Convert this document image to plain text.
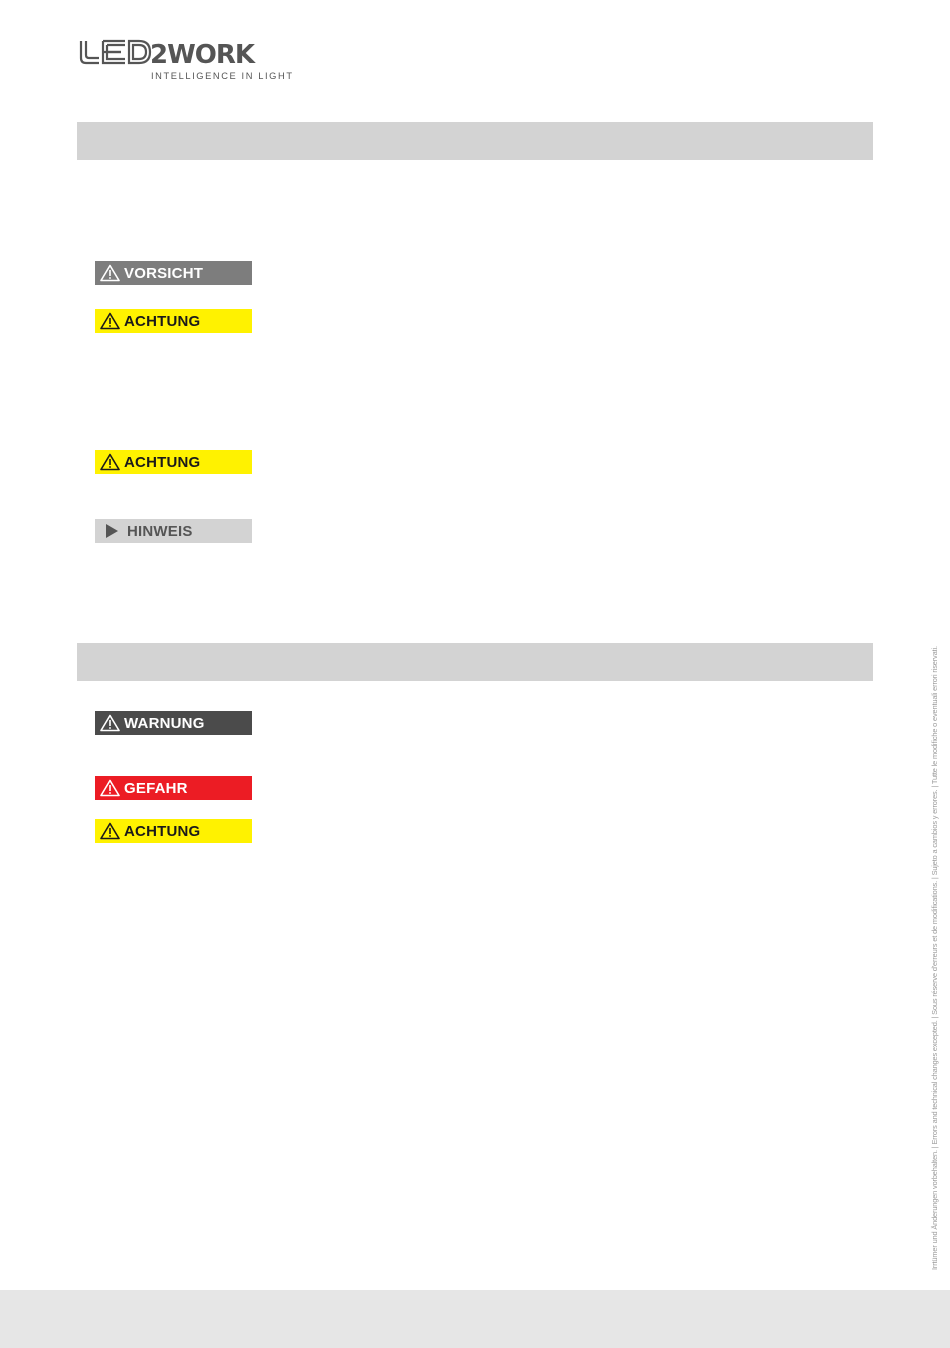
2WORK
INTELLIGENCE IN LIGHT
VORSICHT
ACHTUNG
ACHTUNG
HINWEIS
WARNUNG
GEFAHR
ACHTUNG	Irrtümer und Änderungen vorbehalten. | Errors and technical changes excepted. | Sous réserve d'erreurs et de modifications. | Sujeto a cambios y errores. | Tutte le modifiche o eventuali errori riservati.
